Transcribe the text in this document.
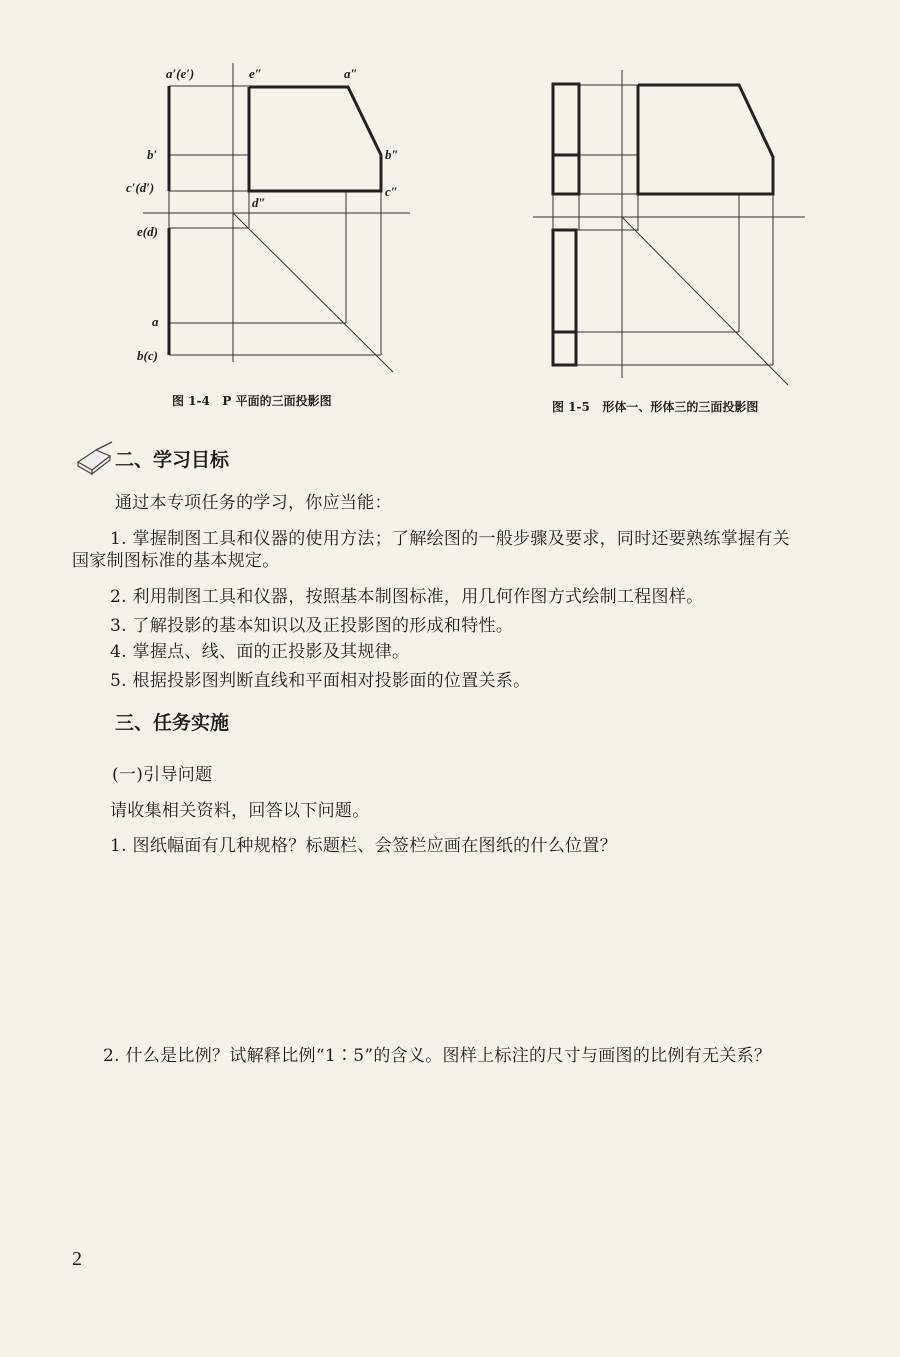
a′(e′)	e″	a″
b′	b″
c′(d′)	c″
d″
e(d)
a
b(c)
图 1-4 P 平面的三面投影图	图 1-5 形体一、形体三的三面投影图
二、学习目标
通过本专项任务的学习，你应当能：
1. 掌握制图工具和仪器的使用方法；了解绘图的一般步骤及要求，同时还要熟练掌握有关
国家制图标准的基本规定。
2. 利用制图工具和仪器，按照基本制图标准，用几何作图方式绘制工程图样。
3. 了解投影的基本知识以及正投影图的形成和特性。
4. 掌握点、线、面的正投影及其规律。
5. 根据投影图判断直线和平面相对投影面的位置关系。
三、任务实施
(一)引导问题
请收集相关资料，回答以下问题。
1. 图纸幅面有几种规格？标题栏、会签栏应画在图纸的什么位置？
2. 什么是比例？试解释比例“1∶5”的含义。图样上标注的尺寸与画图的比例有无关系？
2
